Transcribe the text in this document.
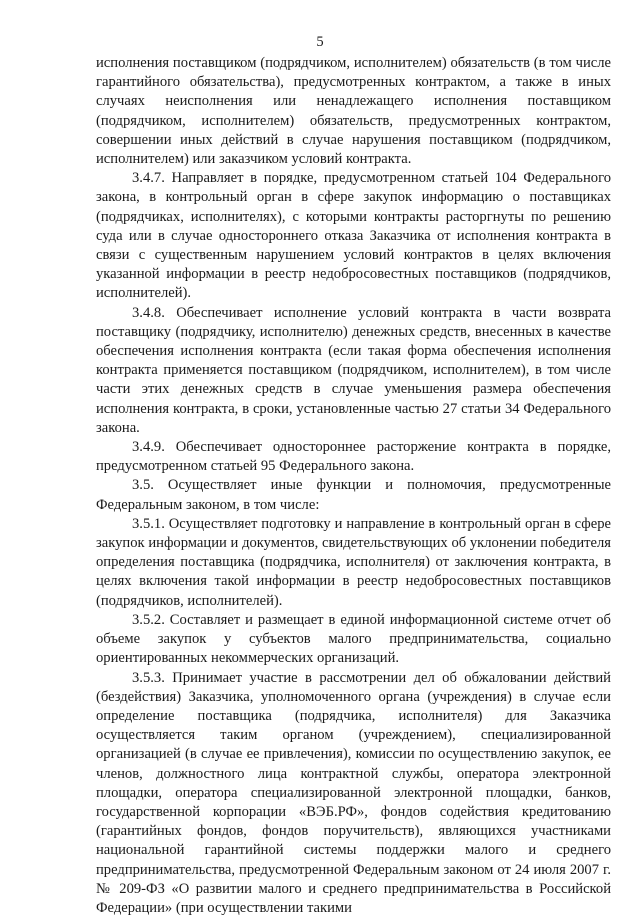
5

исполнения поставщиком (подрядчиком, исполнителем) обязательств (в том числе гарантийного обязательства), предусмотренных контрактом, а также в иных случаях неисполнения или ненадлежащего исполнения поставщиком (подрядчиком, исполнителем) обязательств, предусмотренных контрактом, совершении иных действий в случае нарушения поставщиком (подрядчиком, исполнителем) или заказчиком условий контракта.

3.4.7. Направляет в порядке, предусмотренном статьей 104 Федерального закона, в контрольный орган в сфере закупок информацию о поставщиках (подрядчиках, исполнителях), с которыми контракты расторгнуты по решению суда или в случае одностороннего отказа Заказчика от исполнения контракта в связи с существенным нарушением условий контрактов в целях включения указанной информации в реестр недобросовестных поставщиков (подрядчиков, исполнителей).

3.4.8. Обеспечивает исполнение условий контракта в части возврата поставщику (подрядчику, исполнителю) денежных средств, внесенных в качестве обеспечения исполнения контракта (если такая форма обеспечения исполнения контракта применяется поставщиком (подрядчиком, исполнителем), в том числе части этих денежных средств в случае уменьшения размера обеспечения исполнения контракта, в сроки, установленные частью 27 статьи 34 Федерального закона.

3.4.9. Обеспечивает одностороннее расторжение контракта в порядке, предусмотренном статьей 95 Федерального закона.

3.5. Осуществляет иные функции и полномочия, предусмотренные Федеральным законом, в том числе:

3.5.1. Осуществляет подготовку и направление в контрольный орган в сфере закупок информации и документов, свидетельствующих об уклонении победителя определения поставщика (подрядчика, исполнителя) от заключения контракта, в целях включения такой информации в реестр недобросовестных поставщиков (подрядчиков, исполнителей).

3.5.2. Составляет и размещает в единой информационной системе отчет об объеме закупок у субъектов малого предпринимательства, социально ориентированных некоммерческих организаций.

3.5.3. Принимает участие в рассмотрении дел об обжаловании действий (бездействия) Заказчика, уполномоченного органа (учреждения) в случае если определение поставщика (подрядчика, исполнителя) для Заказчика осуществляется таким органом (учреждением), специализированной организацией (в случае ее привлечения), комиссии по осуществлению закупок, ее членов, должностного лица контрактной службы, оператора электронной площадки, оператора специализированной электронной площадки, банков, государственной корпорации «ВЭБ.РФ», фондов содействия кредитованию (гарантийных фондов, фондов поручительств), являющихся участниками национальной гарантийной системы поддержки малого и среднего предпринимательства, предусмотренной Федеральным законом от 24 июля 2007 г. № 209-ФЗ «О развитии малого и среднего предпринимательства в Российской Федерации» (при осуществлении такими
